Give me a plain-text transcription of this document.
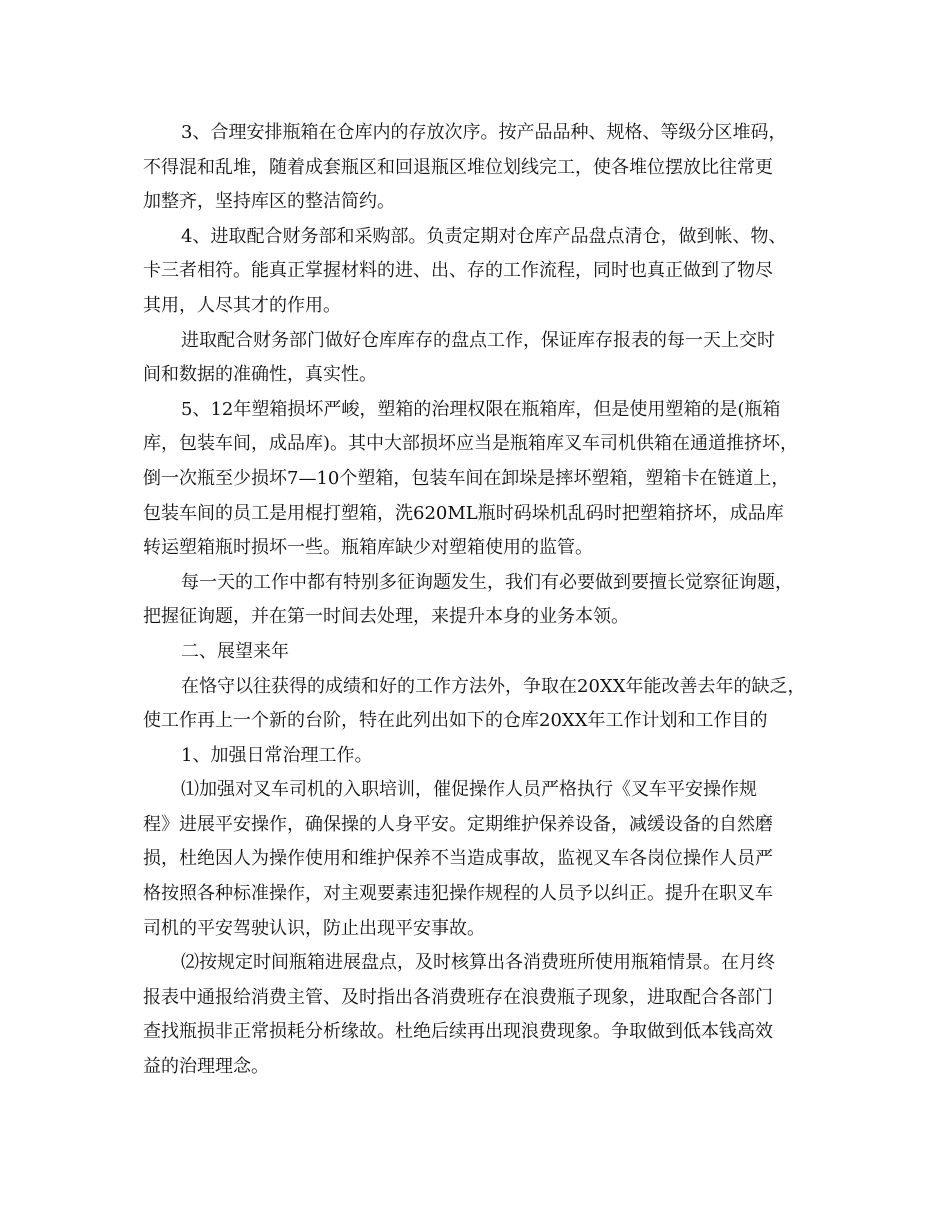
3、合理安排瓶箱在仓库内的存放次序。按产品品种、规格、等级分区堆码，
不得混和乱堆，随着成套瓶区和回退瓶区堆位划线完工，使各堆位摆放比往常更
加整齐，坚持库区的整洁简约。
4、进取配合财务部和采购部。负责定期对仓库产品盘点清仓，做到帐、物、
卡三者相符。能真正掌握材料的进、出、存的工作流程，同时也真正做到了物尽
其用，人尽其才的作用。
进取配合财务部门做好仓库库存的盘点工作，保证库存报表的每一天上交时
间和数据的准确性，真实性。
5、12年塑箱损坏严峻，塑箱的治理权限在瓶箱库，但是使用塑箱的是(瓶箱
库，包装车间，成品库)。其中大部损坏应当是瓶箱库叉车司机供箱在通道推挤坏，
倒一次瓶至少损坏7—10个塑箱，包装车间在卸垛是摔坏塑箱，塑箱卡在链道上，
包装车间的员工是用棍打塑箱，洗620ML瓶时码垛机乱码时把塑箱挤坏，成品库
转运塑箱瓶时损坏一些。瓶箱库缺少对塑箱使用的监管。
每一天的工作中都有特别多征询题发生，我们有必要做到要擅长觉察征询题，
把握征询题，并在第一时间去处理，来提升本身的业务本领。
二、展望来年
在恪守以往获得的成绩和好的工作方法外，争取在20XX年能改善去年的缺乏，
使工作再上一个新的台阶，特在此列出如下的仓库20XX年工作计划和工作目的
1、加强日常治理工作。
⑴加强对叉车司机的入职培训，催促操作人员严格执行《叉车平安操作规
程》进展平安操作，确保操的人身平安。定期维护保养设备，减缓设备的自然磨
损，杜绝因人为操作使用和维护保养不当造成事故，监视叉车各岗位操作人员严
格按照各种标准操作，对主观要素违犯操作规程的人员予以纠正。提升在职叉车
司机的平安驾驶认识，防止出现平安事故。
⑵按规定时间瓶箱进展盘点，及时核算出各消费班所使用瓶箱情景。在月终
报表中通报给消费主管、及时指出各消费班存在浪费瓶子现象，进取配合各部门
查找瓶损非正常损耗分析缘故。杜绝后续再出现浪费现象。争取做到低本钱高效
益的治理理念。
